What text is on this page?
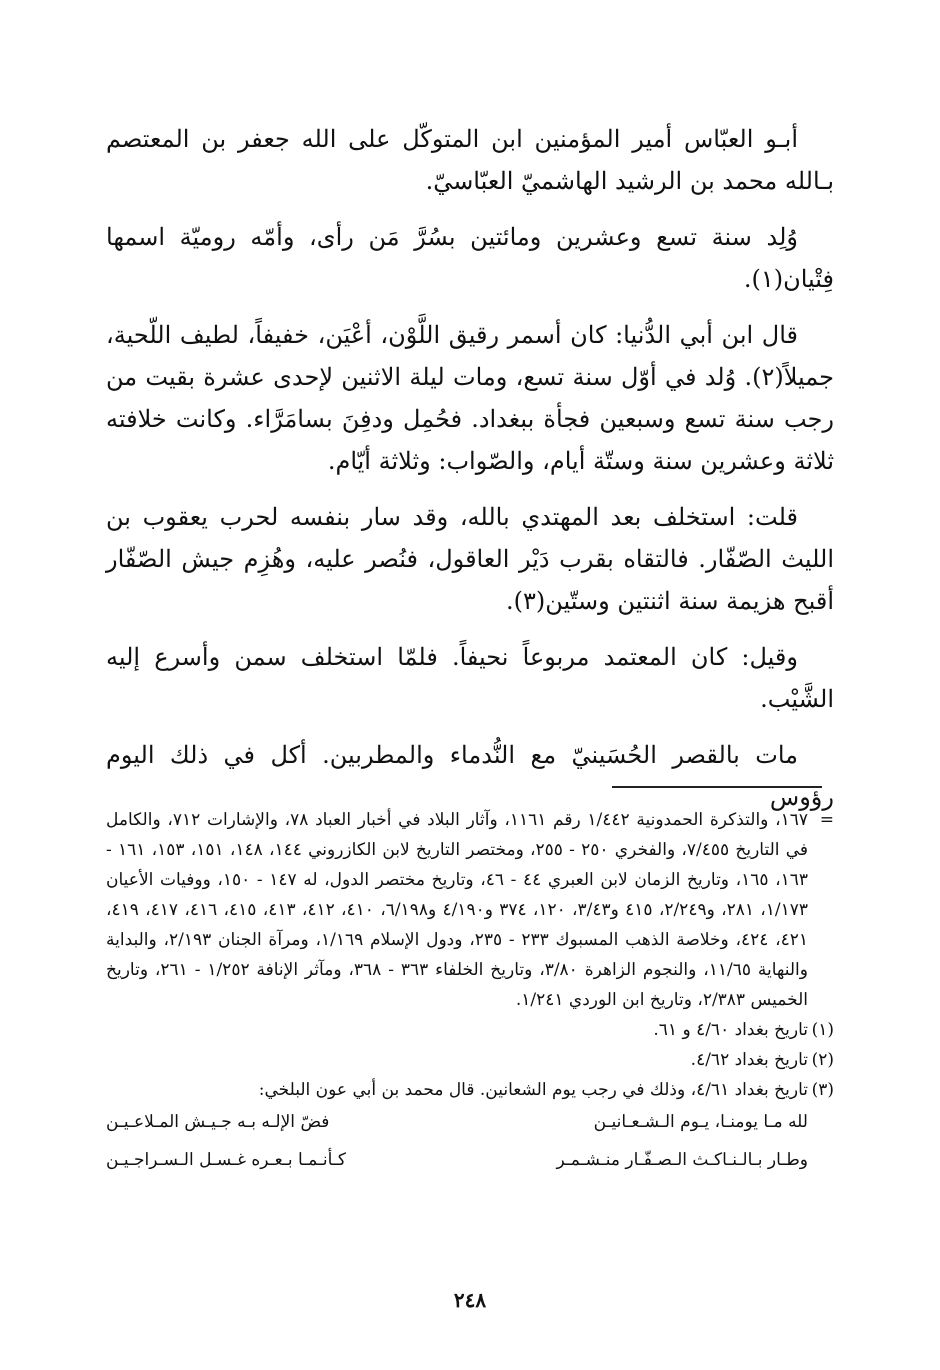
أبـو العبّاس أمير المؤمنين ابن المتوكّل على الله جعفر بن المعتصم بـالله محمد بن الرشيد الهاشميّ العبّاسيّ.

وُلِد سنة تسع وعشرين ومائتين بسُرَّ مَن رأى، وأمّه روميّة اسمها فِتْيان(١).

قال ابن أبي الدُّنيا: كان أسمر رقيق اللَّوْن، أعْيَن، خفيفاً، لطيف اللّحية، جميلاً(٢). وُلد في أوّل سنة تسع، ومات ليلة الاثنين لإحدى عشرة بقيت من رجب سنة تسع وسبعين فجأة ببغداد. فحُمِل ودفِنَ بسامَرَّاء. وكانت خلافته ثلاثة وعشرين سنة وستّة أيام، والصّواب: وثلاثة أيّام.

قلت: استخلف بعد المهتدي بالله، وقد سار بنفسه لحرب يعقوب بن الليث الصّفّار. فالتقاه بقرب دَيْر العاقول، فنُصر عليه، وهُزِم جيش الصّفّار أقبح هزيمة سنة اثنتين وستّين(٣).

وقيل: كان المعتمد مربوعاً نحيفاً. فلمّا استخلف سمن وأسرع إليه الشَّيْب.

مات بالقصر الحُسَينيّ مع النُّدماء والمطربين. أكل في ذلك اليوم رؤوس

=
١٦٧، والتذكرة الحمدونية ١/٤٤٢ رقم ١١٦١، وآثار البلاد في أخبار العباد ٧٨، والإشارات ٧١٢، والكامل في التاريخ ٧/٤٥٥، والفخري ٢٥٠ - ٢٥٥، ومختصر التاريخ لابن الكازروني ١٤٤، ١٤٨، ١٥١، ١٥٣، ١٦١ - ١٦٣، ١٦٥، وتاريخ الزمان لابن العبري ٤٤ - ٤٦، وتاريخ مختصر الدول، له ١٤٧ - ١٥٠، ووفيات الأعيان ١/١٧٣، ٢٨١، و٢/٢٤٩، ٤١٥ و٣/٤٣، ١٢٠، ٣٧٤ و٤/١٩٠ و٦/١٩٨، ٤١٠، ٤١٢، ٤١٣، ٤١٥، ٤١٦، ٤١٧، ٤١٩، ٤٢١، ٤٢٤، وخلاصة الذهب المسبوك ٢٣٣ - ٢٣٥، ودول الإسلام ١/١٦٩، ومرآة الجنان ٢/١٩٣، والبداية والنهاية ١١/٦٥، والنجوم الزاهرة ٣/٨٠، وتاريخ الخلفاء ٣٦٣ - ٣٦٨، ومآثر الإنافة ١/٢٥٢ - ٢٦١، وتاريخ الخميس ٢/٣٨٣، وتاريخ ابن الوردي ١/٢٤١.
(١)
تاريخ بغداد ٤/٦٠ و ٦١.
(٢)
تاريخ بغداد ٤/٦٢.
(٣)
تاريخ بغداد ٤/٦١، وذلك في رجب يوم الشعانين. قال محمد بن أبي عون البلخي:
لله مـا يومنـا، يـوم الـشـعـانيـن
فضّ الإلـه بـه جـيـش المـلاعـيـن
وطـار بـالـنـاكـث الـصـفّـار منـشـمـر
كـأنـمـا بـعـره غـسـل الـسـراجـيـن
٢٤٨
